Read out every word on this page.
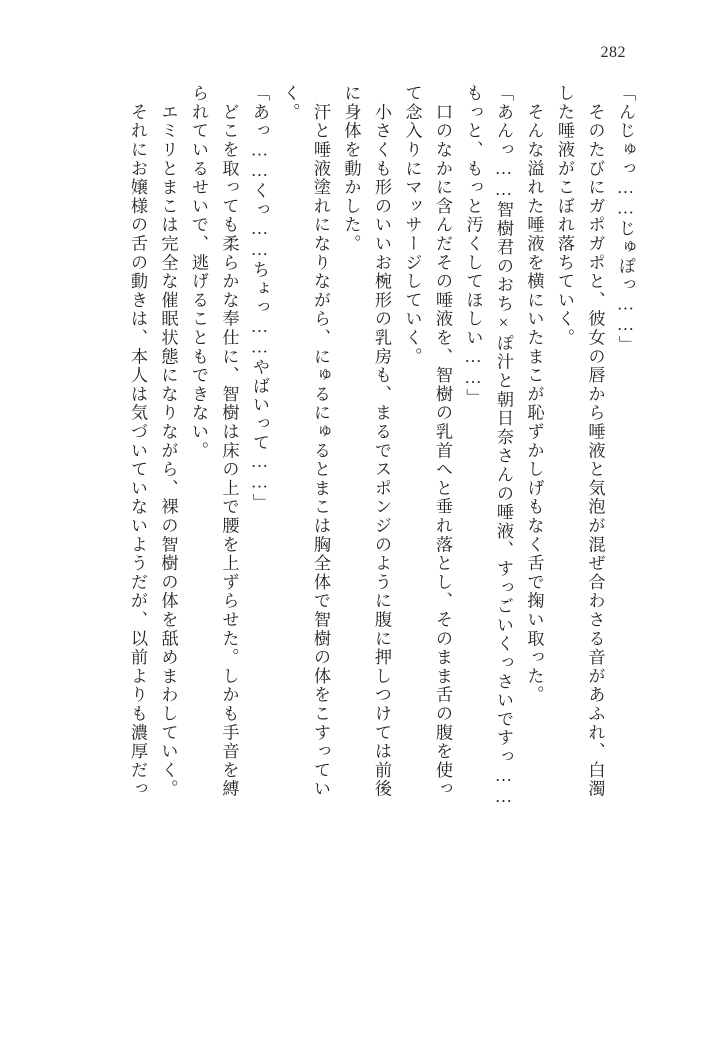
282
「んじゅっ……じゅぽっ……」
　そのたびにガポガポと、彼女の唇から唾液と気泡が混ぜ合わさる音があふれ、白濁
した唾液がこぼれ落ちていく。
　そんな溢れた唾液を横にいたまこが恥ずかしげもなく舌で掬い取った。
「あんっ……智樹君のおち×ぽ汁と朝日奈さんの唾液、すっごいくっさいですっ……
もっと、もっと汚くしてほしい……」
　口のなかに含んだその唾液を、智樹の乳首へと垂れ落とし、そのまま舌の腹を使っ
て念入りにマッサージしていく。
　小さくも形のいいお椀形の乳房も、まるでスポンジのように腹に押しつけては前後
に身体を動かした。
　汗と唾液塗れになりながら、にゅるにゅるとまこは胸全体で智樹の体をこすってい
く。
「あっ……くっ……ちょっ……やばいって……」
　どこを取っても柔らかな奉仕に、智樹は床の上で腰を上ずらせた。しかも手音を縛
られているせいで、逃げることもできない。
　エミリとまこは完全な催眠状態になりながら、裸の智樹の体を舐めまわしていく。
　それにお嬢様の舌の動きは、本人は気づいていないようだが、以前よりも濃厚だっ
